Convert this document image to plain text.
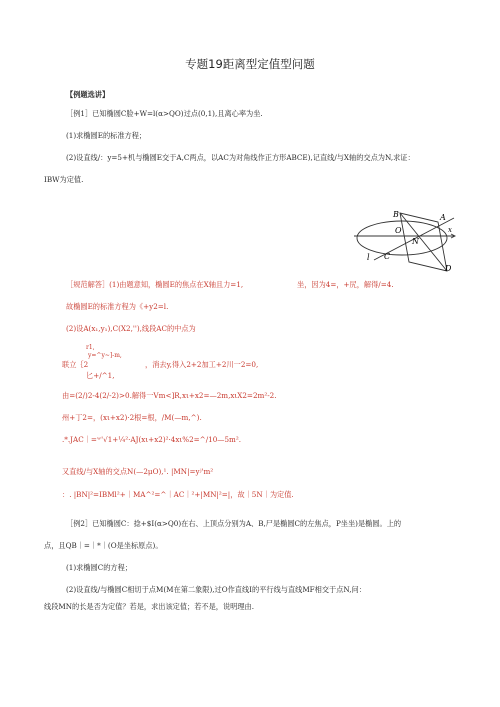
专题19距离型定值型问题
【例题选讲】
［例1］已知椭圆C脸+W=l(α>QO)过点(0,1),且离心率为坐.
(1)求椭圆E的标准方程；
(2)设直线/：y=5+机与椭圆E交于A,C两点，以AC为对角线作正方形ABCE),记直线/与X轴的交点为N,求证：
IBW为定值.
B	A
O
N
x
l C
D
［规范解答］(1)由题意知，椭圆E的焦点在X轴且力=1,	坐，因为4=，+尻，解得/=4.
故椭圆E的标准方程为《+y2=l.
(2)设A(x₁,y₁),C(X2,''),线段AC的中点为
r1,
y=^y~]-m,
联立｛2	，消去y,得入2+2加工+2川一2=0,
匕+/^1,
由=(2/)2-4(2/-2)>0.解得一Vm<]R,xι+x2=—2m,xιX2=2m²-2.
州+丁2=，(xι+x2)·2根=根，/M(—m,^).
.*.JAC｜=ʷ'√1+¼²·AJ(xι+x2)²·4xι%2=^/10—5m².
又直线/与X轴的交点N(—2μO),¹. |MN|=yʲ'm²
：. |BN|²=IBMl²+｜MA^²=^｜AC｜²+|MN|²=|，故｜5N｜为定值.
［例2］已知椭圆C：捻+$I(α>Q0)在右、上顶点分别为A、B,尸是椭圆C的左焦点，P坐坐)是椭圆。上的
点，且QB｜=｜*｜(O是坐标原点)。
(1)求椭圆C的方程；
(2)设直线/与椭圆C相切于点M(M在第二象限),过O作直线I的平行线与直线MF相交于点N,问：
线段MN的长是否为定值？若是，求出该定值；若不是，说明理由.
